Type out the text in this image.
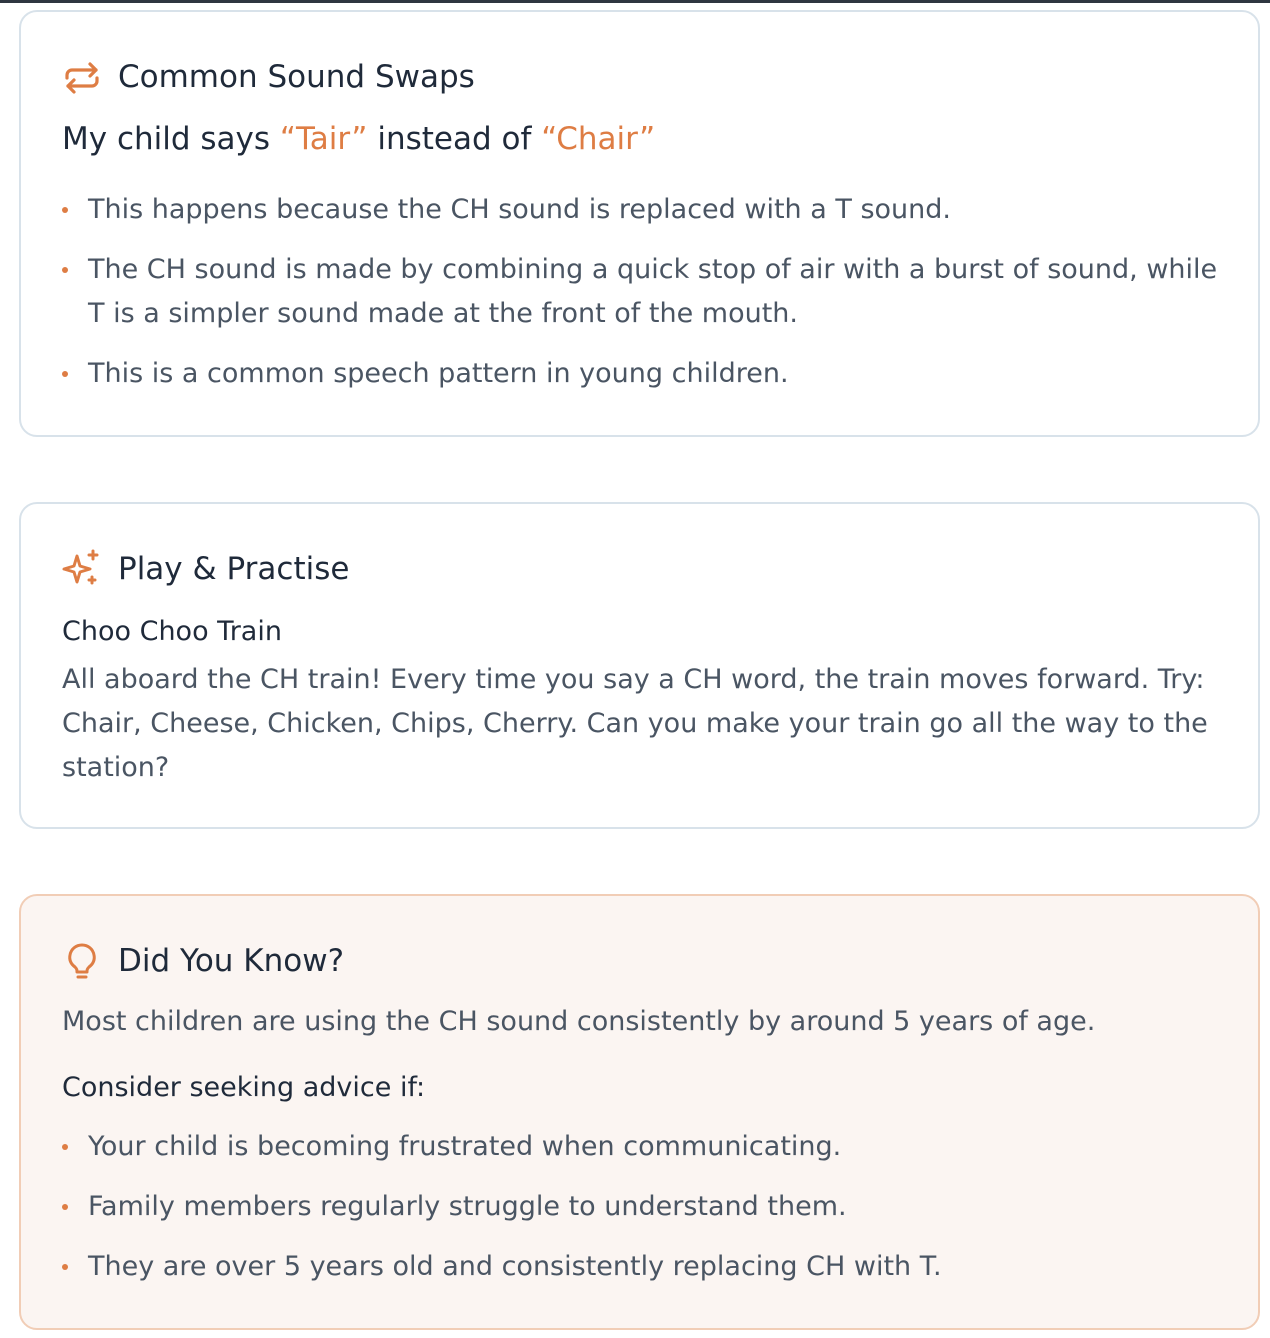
Common Sound Swaps

My child says “Tair” instead of “Chair”

This happens because the CH sound is replaced with a T sound.
The CH sound is made by combining a quick stop of air with a burst of sound, while T is a simpler sound made at the front of the mouth.
This is a common speech pattern in young children.
Play & Practise
Choo Choo Train

All aboard the CH train! Every time you say a CH word, the train moves forward. Try: Chair, Cheese, Chicken, Chips, Cherry. Can you make your train go all the way to the station?

Did You Know?

Most children are using the CH sound consistently by around 5 years of age.

Consider seeking advice if:
Your child is becoming frustrated when communicating.
Family members regularly struggle to understand them.
They are over 5 years old and consistently replacing CH with T.
